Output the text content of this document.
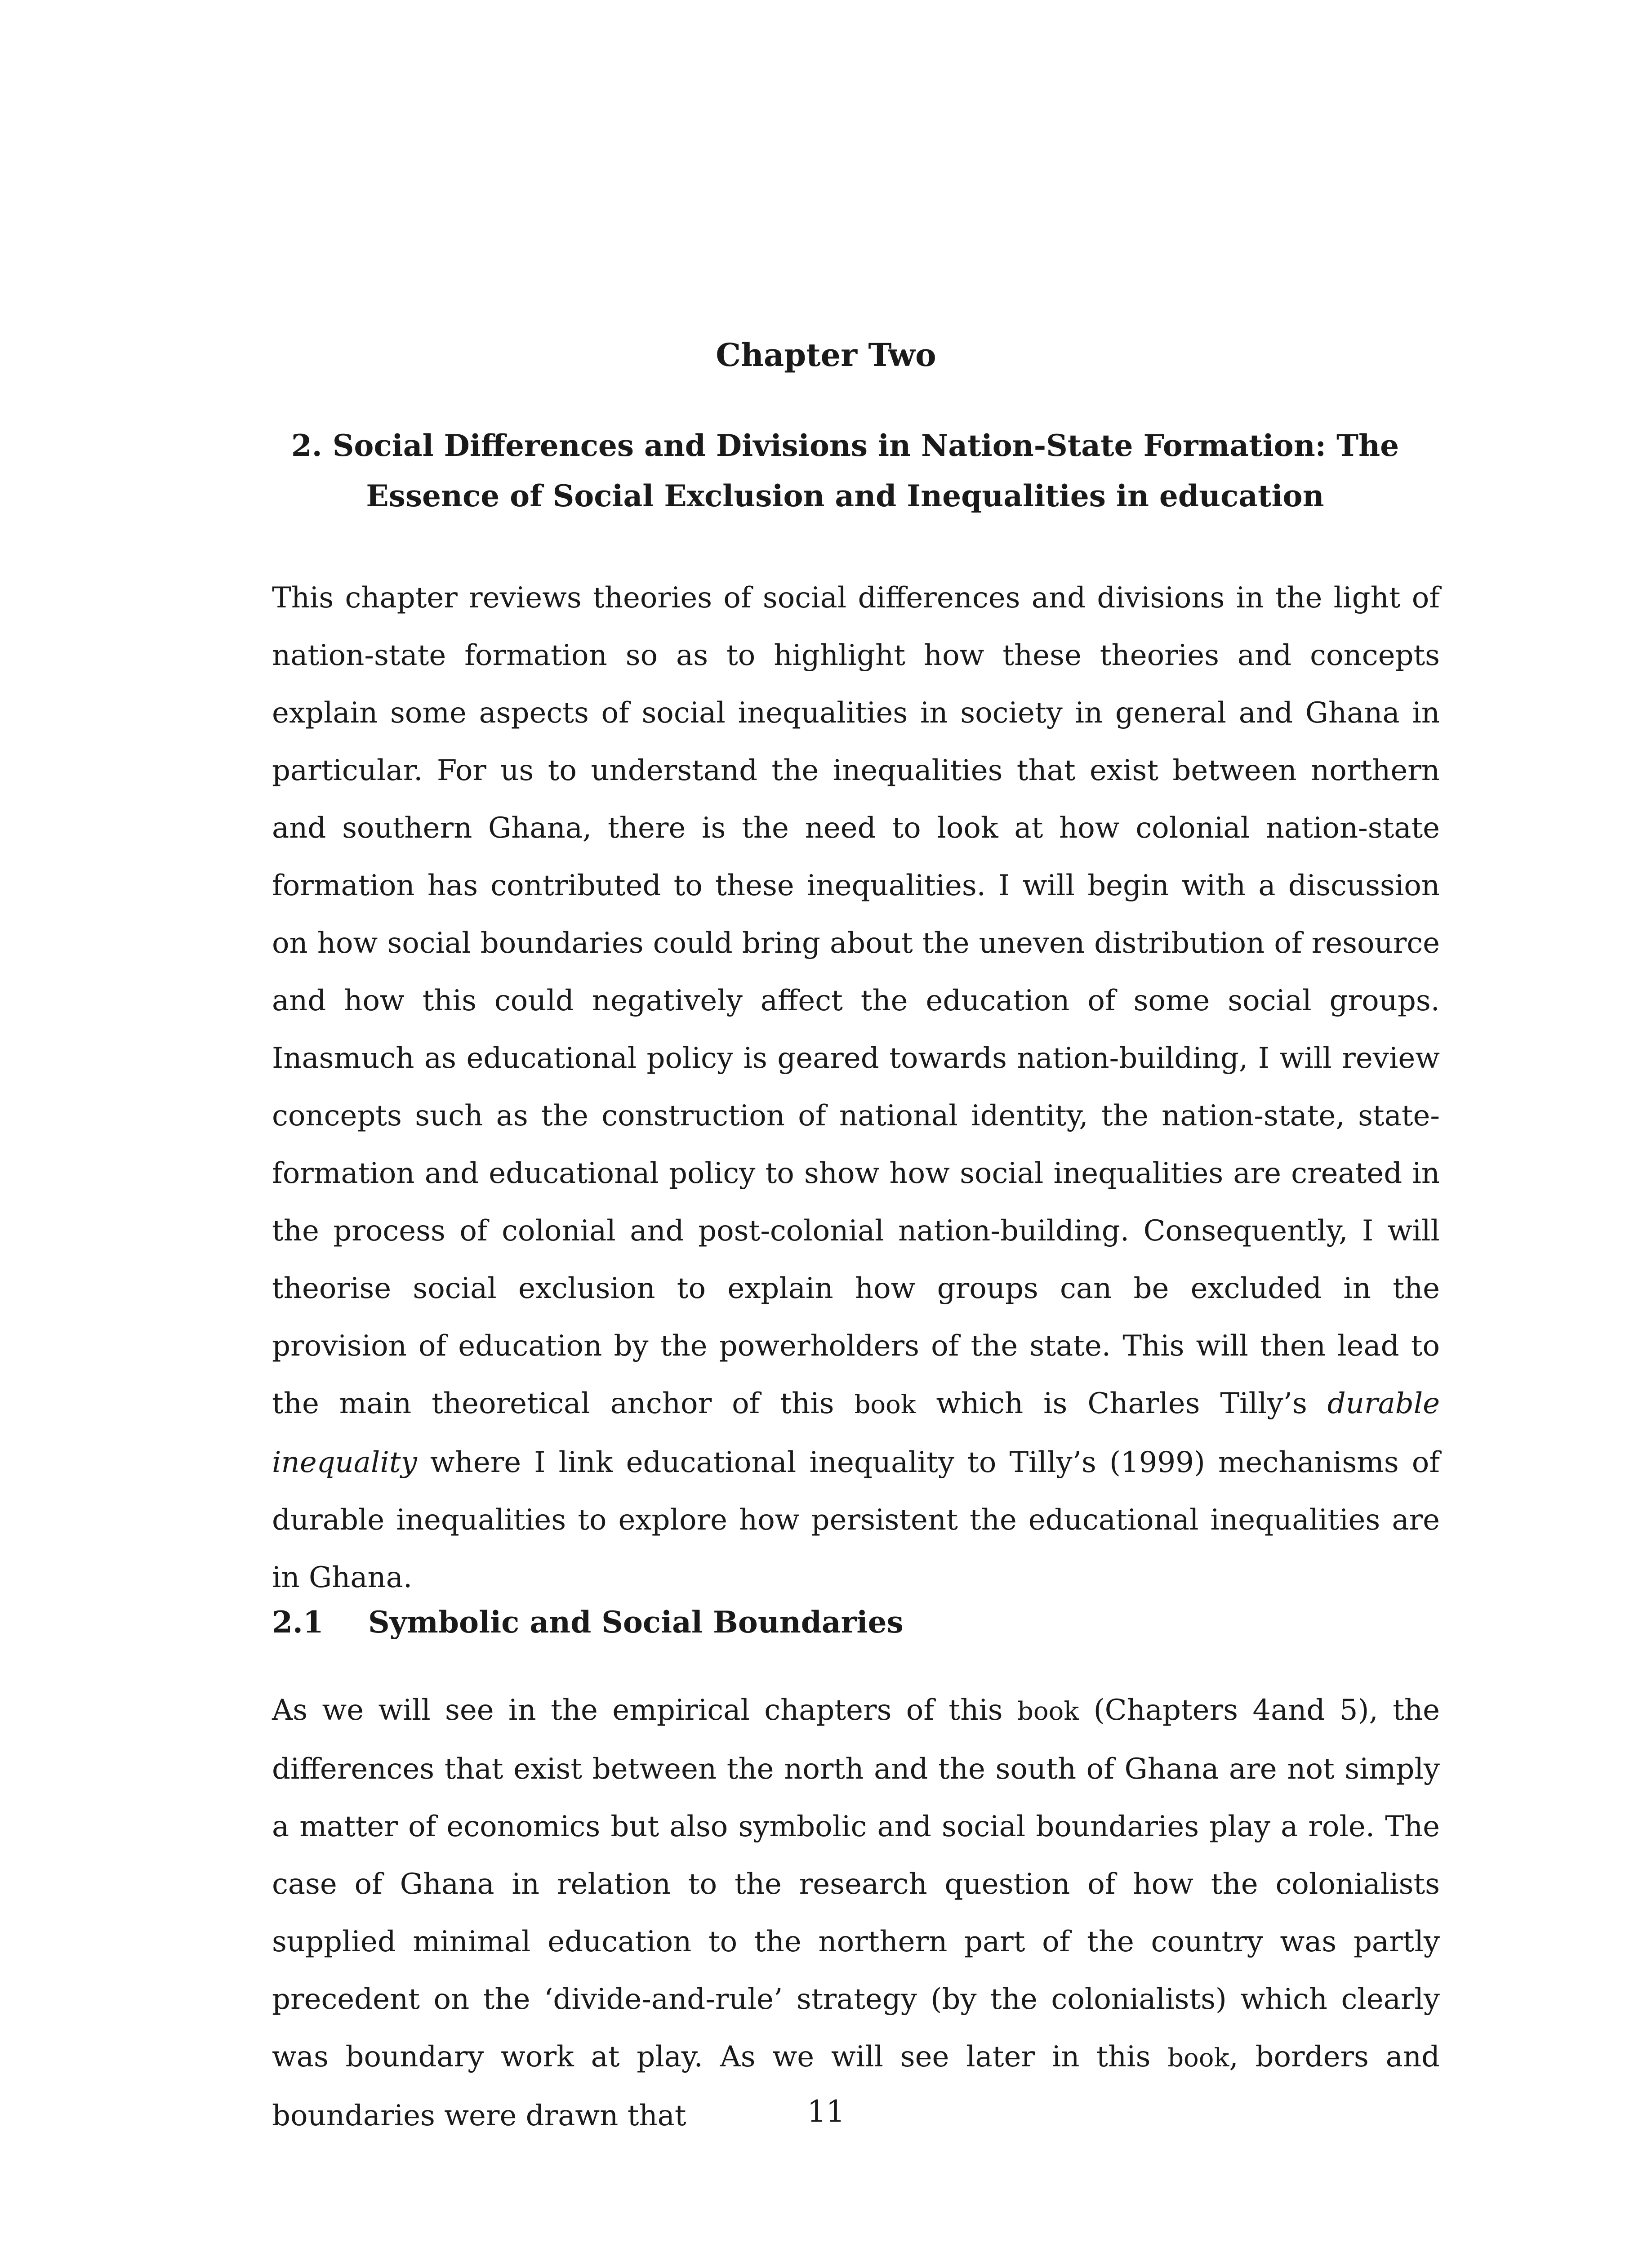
Chapter Two
2. Social Differences and Divisions in Nation-State Formation: The Essence of Social Exclusion and Inequalities in education

This chapter reviews theories of social differences and divisions in the light of nation-state formation so as to highlight how these theories and concepts explain some aspects of social inequalities in society in general and Ghana in particular. For us to understand the inequalities that exist between northern and southern Ghana, there is the need to look at how colonial nation-state formation has contributed to these inequalities. I will begin with a discussion on how social boundaries could bring about the uneven distribution of resource and how this could negatively affect the education of some social groups. Inasmuch as educational policy is geared towards nation-building, I will review concepts such as the construction of national identity, the nation-state, state-formation and educational policy to show how social inequalities are created in the process of colonial and post-colonial nation-building. Consequently, I will theorise social exclusion to explain how groups can be excluded in the provision of education by the powerholders of the state. This will then lead to the main theoretical anchor of this book which is Charles Tilly’s durable inequality where I link educational inequality to Tilly’s (1999) mechanisms of durable inequalities to explore how persistent the educational inequalities are in Ghana.

2.1 Symbolic and Social Boundaries

As we will see in the empirical chapters of this book (Chapters 4and 5), the differences that exist between the north and the south of Ghana are not simply a matter of economics but also symbolic and social boundaries play a role. The case of Ghana in relation to the research question of how the colonialists supplied minimal education to the northern part of the country was partly precedent on the ‘divide-and-rule’ strategy (by the colonialists) which clearly was boundary work at play. As we will see later in this book, borders and boundaries were drawn that	11
